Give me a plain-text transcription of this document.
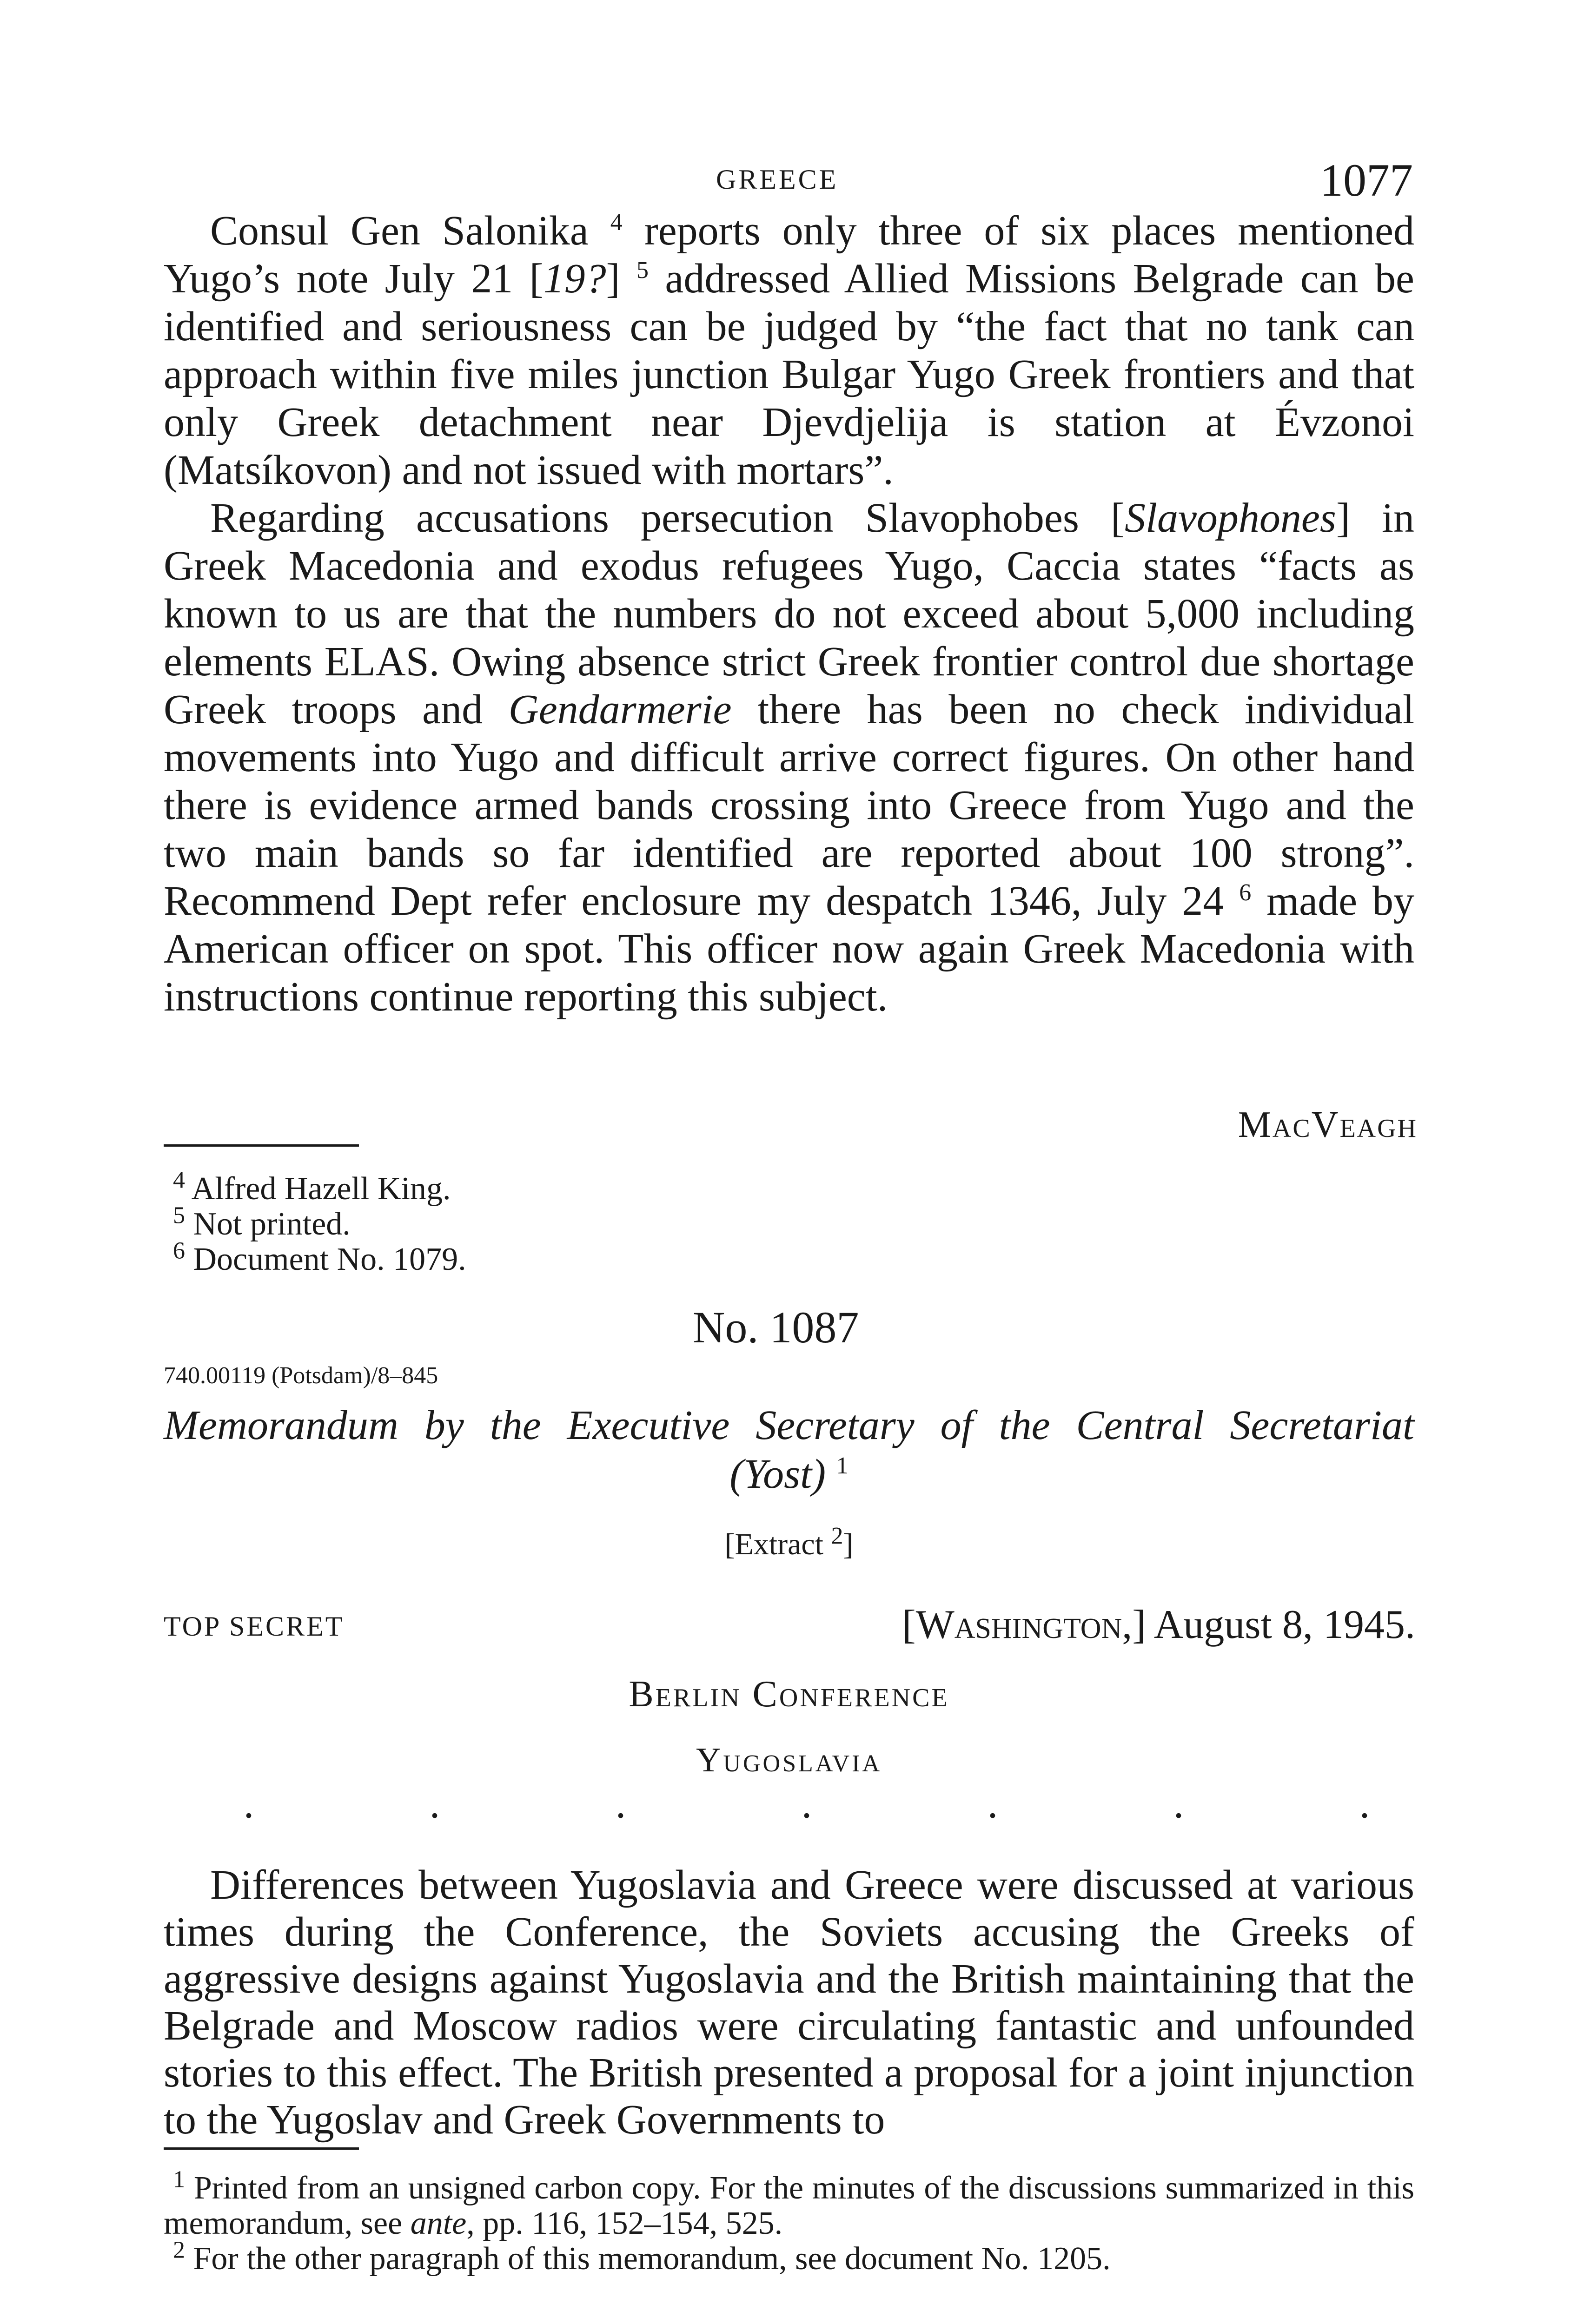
GREECE	1077

Consul Gen Salonika $^4$ reports only three of six places mentioned Yugo’s note July 21 [19?] $^5$ addressed Allied Missions Belgrade can be identified and seriousness can be judged by “the fact that no tank can approach within five miles junction Bulgar Yugo Greek frontiers and that only Greek detachment near Djevdjelija is station at Évzonoi (Matsíkovon) and not issued with mortars”.

Regarding accusations persecution Slavophobes [Slavophones] in Greek Macedonia and exodus refugees Yugo, Caccia states “facts as known to us are that the numbers do not exceed about 5,000 including elements ELAS. Owing absence strict Greek frontier control due shortage Greek troops and Gendarmerie there has been no check individual movements into Yugo and difficult arrive correct figures. On other hand there is evidence armed bands crossing into Greece from Yugo and the two main bands so far identified are reported about 100 strong”. Recommend Dept refer enclosure my despatch 1346, July 24 $^6$ made by American officer on spot. This officer now again Greek Macedonia with instructions continue reporting this subject.

MacVeagh

$^4$ Alfred Hazell King.

$^5$ Not printed.

$^6$ Document No. 1079.

No. 1087
740.00119 (Potsdam)/8–845
Memorandum by the Executive Secretary of the Central Secretariat
(Yost) $^1$
[Extract $^2$]
TOP SECRET	[Washington,] August 8, 1945.
Berlin Conference
Yugoslavia
·	·	·	·	·	·	·

Differences between Yugoslavia and Greece were discussed at various times during the Conference, the Soviets accusing the Greeks of aggressive designs against Yugoslavia and the British maintaining that the Belgrade and Moscow radios were circulating fantastic and unfounded stories to this effect. The British presented a proposal for a joint injunction to the Yugoslav and Greek Governments to

$^1$ Printed from an unsigned carbon copy. For the minutes of the discussions summarized in this memorandum, see ante, pp. 116, 152–154, 525.

$^2$ For the other paragraph of this memorandum, see document No. 1205.
